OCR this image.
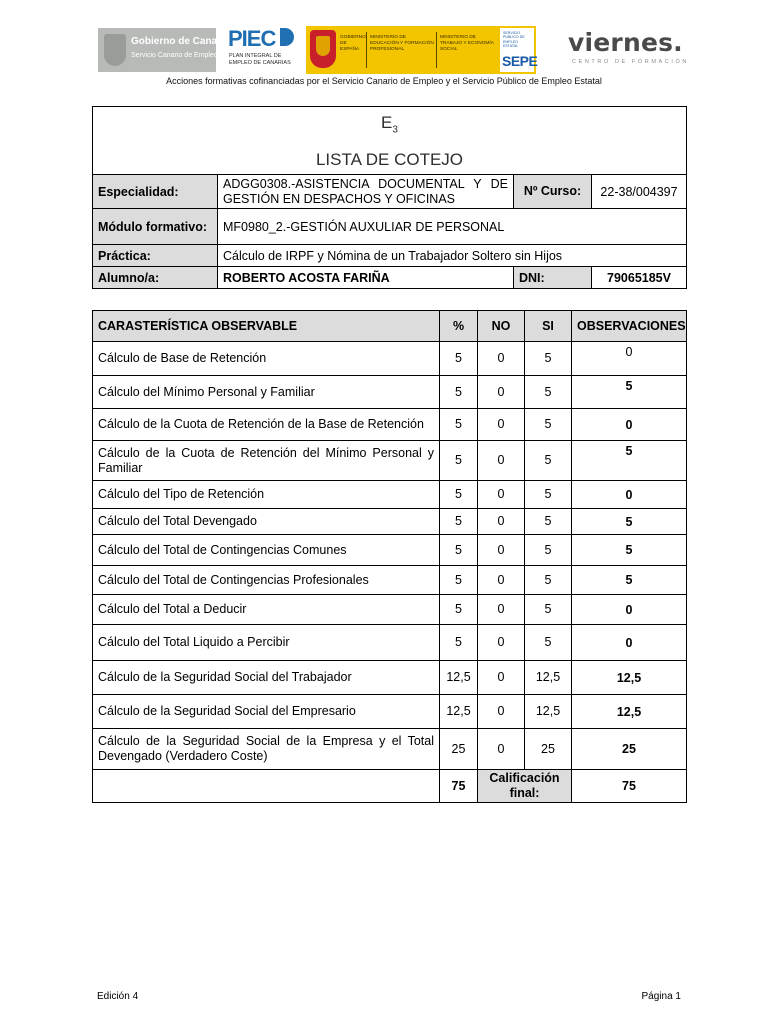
Gobierno de Canarias
Servicio Canario de Empleo
PIEC
PLAN INTEGRAL DE
EMPLEO DE CANARIAS
GOBIERNO DE ESPAÑA
MINISTERIO DE EDUCACIÓN Y FORMACIÓN PROFESIONAL
MINISTERIO DE TRABAJO Y ECONOMÍA SOCIAL
SERVICIO PÚBLICO DE EMPLEO ESTATAL
SEPE
viernes.
CENTRO DE FORMACIÓN
Acciones formativas cofinanciadas por el Servicio Canario de Empleo y el Servicio Público de Empleo Estatal
$E_3$
LISTA DE COTEJO			

Especialidad:	ADGG0308.-ASISTENCIA DOCUMENTAL Y DE GESTIÓN EN DESPACHOS Y OFICINAS	Nº Curso:	22-38/004397
Módulo formativo:	MF0980_2.-GESTIÓN AUXULIAR DE PERSONAL		
Práctica:	Cálculo de IRPF y Nómina de un Trabajador Soltero sin Hijos		
Alumno/a:	ROBERTO ACOSTA FARIÑA	DNI:	79065185V
CARASTERÍSTICA OBSERVABLE	%	NO	SI	OBSERVACIONES
Cálculo de Base de Retención	5	0	5	0
Cálculo del Mínimo Personal y Familiar	5	0	5	5
Cálculo de la Cuota de Retención de la Base de Retención	5	0	5	0
Cálculo de la Cuota de Retención del Mínimo Personal y Familiar	5	0	5	5
Cálculo del Tipo de Retención	5	0	5	0
Cálculo del Total Devengado	5	0	5	5
Cálculo del Total de Contingencias Comunes	5	0	5	5
Cálculo del Total de Contingencias Profesionales	5	0	5	5
Cálculo del Total a Deducir	5	0	5	0
Cálculo del Total Liquido a Percibir	5	0	5	0
Cálculo de la Seguridad Social del Trabajador	12,5	0	12,5	12,5
Cálculo de la Seguridad Social del Empresario	12,5	0	12,5	12,5
Cálculo de la Seguridad Social de la Empresa y el Total Devengado (Verdadero Coste)	25	0	25	25
	75	Calificación final:		75
Edición 4	Página 1
